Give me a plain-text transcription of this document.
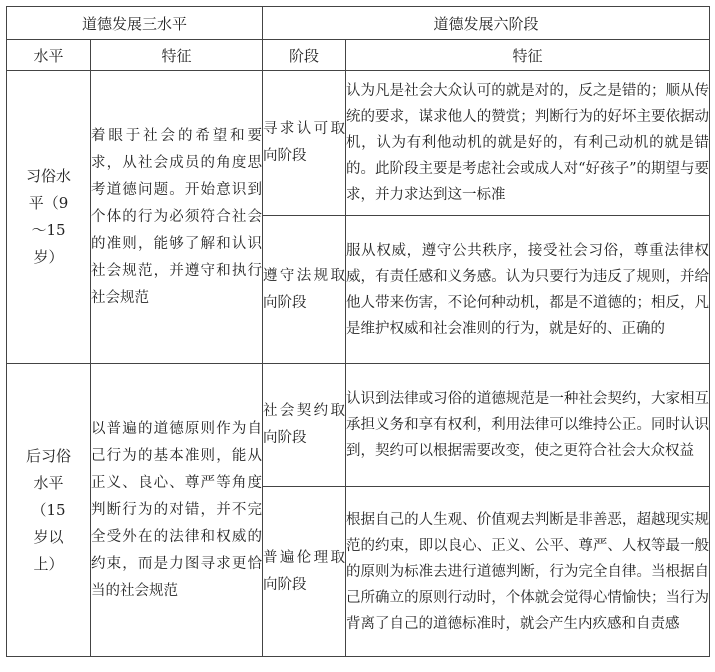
道德发展三水平		道德发展六阶段	
水平	特征	阶段	特征
习俗水平（9～15岁）	着眼于社会的希望和要求，从社会成员的角度思考道德问题。开始意识到个体的行为必须符合社会的准则，能够了解和认识社会规范，并遵守和执行社会规范	寻求认可取向阶段	认为凡是社会大众认可的就是对的，反之是错的；顺从传统的要求，谋求他人的赞赏；判断行为的好坏主要依据动机，认为有利他动机的就是好的，有利己动机的就是错的。此阶段主要是考虑社会或成人对“好孩子”的期望与要求，并力求达到这一标准
		遵守法规取向阶段	服从权威，遵守公共秩序，接受社会习俗，尊重法律权威，有责任感和义务感。认为只要行为违反了规则，并给他人带来伤害，不论何种动机，都是不道德的；相反，凡是维护权威和社会准则的行为，就是好的、正确的
后习俗水平（15岁以上）	以普遍的道德原则作为自己行为的基本准则，能从正义、良心、尊严等角度判断行为的对错，并不完全受外在的法律和权威的约束，而是力图寻求更恰当的社会规范	社会契约取向阶段	认识到法律或习俗的道德规范是一种社会契约，大家相互承担义务和享有权利，利用法律可以维持公正。同时认识到，契约可以根据需要改变，使之更符合社会大众权益
		普遍伦理取向阶段	根据自己的人生观、价值观去判断是非善恶，超越现实规范的约束，即以良心、正义、公平、尊严、人权等最一般的原则为标准去进行道德判断，行为完全自律。当根据自己所确立的原则行动时，个体就会觉得心情愉快；当行为背离了自己的道德标准时，就会产生内疚感和自责感
